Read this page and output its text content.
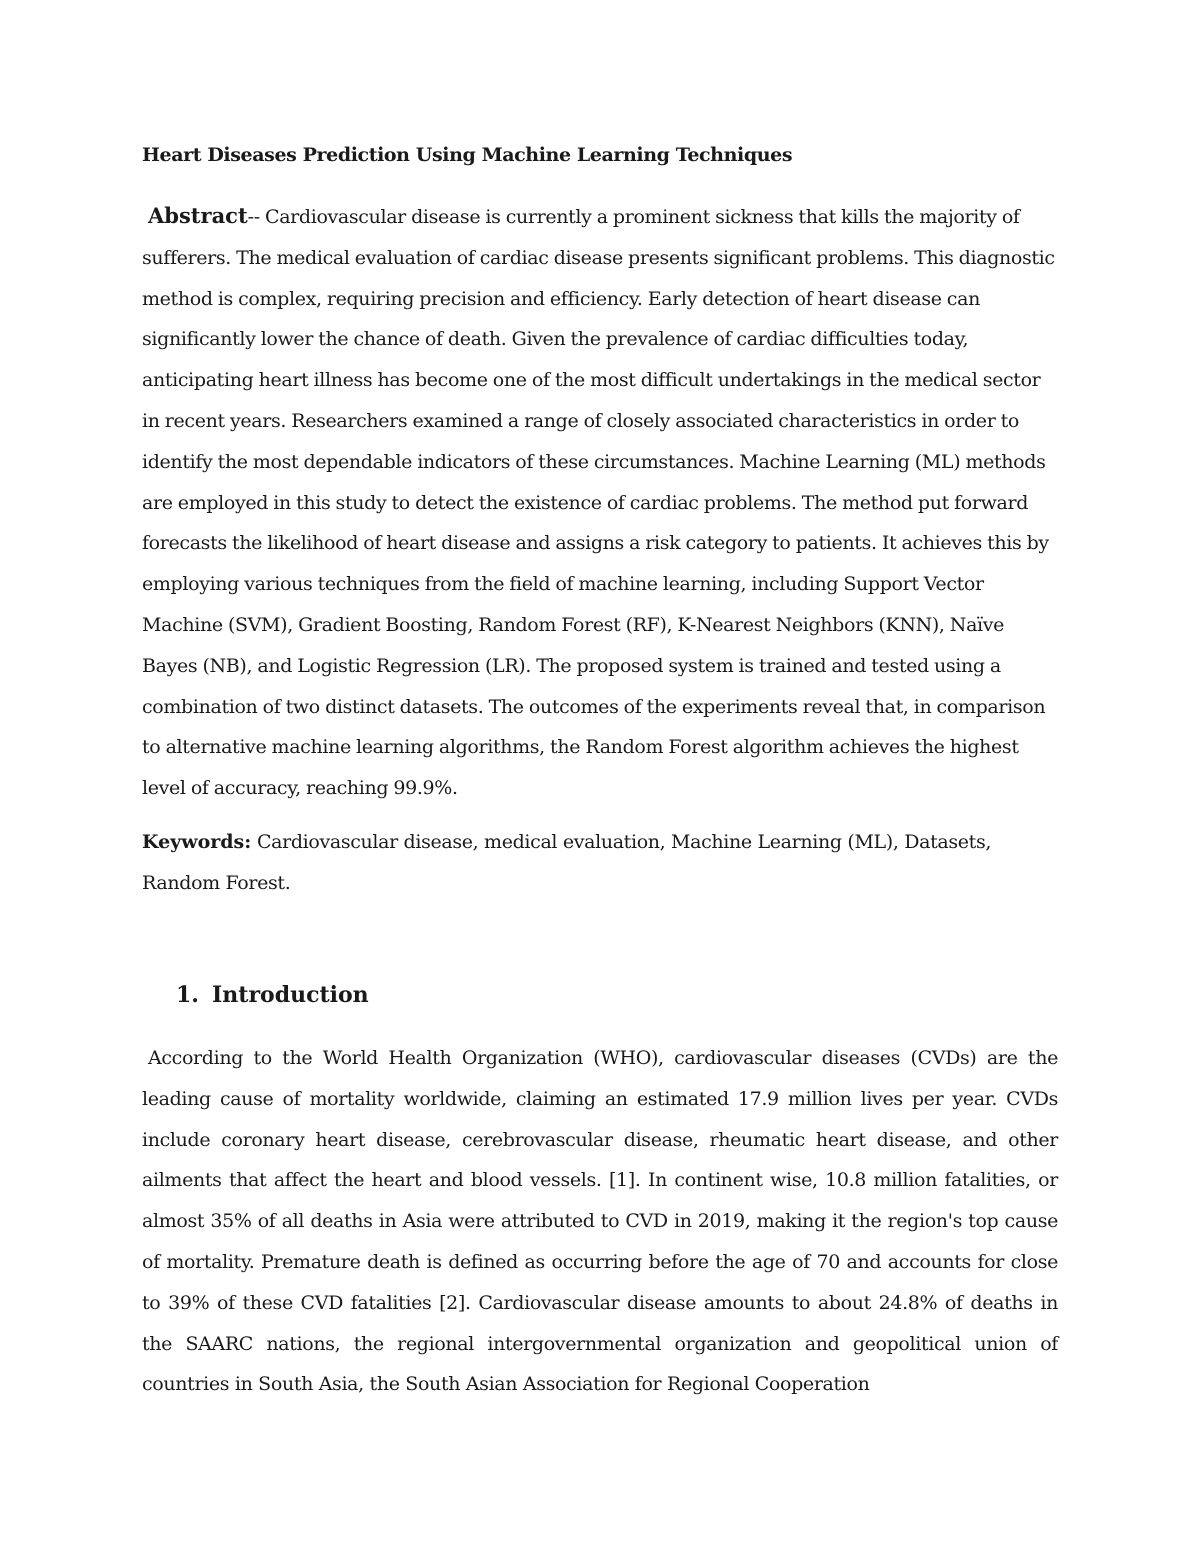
Heart Diseases Prediction Using Machine Learning Techniques

Abstract-- Cardiovascular disease is currently a prominent sickness that kills the majority of sufferers. The medical evaluation of cardiac disease presents significant problems. This diagnostic method is complex, requiring precision and efficiency. Early detection of heart disease can significantly lower the chance of death. Given the prevalence of cardiac difficulties today, anticipating heart illness has become one of the most difficult undertakings in the medical sector in recent years. Researchers examined a range of closely associated characteristics in order to identify the most dependable indicators of these circumstances. Machine Learning (ML) methods are employed in this study to detect the existence of cardiac problems. The method put forward forecasts the likelihood of heart disease and assigns a risk category to patients. It achieves this by employing various techniques from the field of machine learning, including Support Vector Machine (SVM), Gradient Boosting, Random Forest (RF), K-Nearest Neighbors (KNN), Naïve Bayes (NB), and Logistic Regression (LR). The proposed system is trained and tested using a combination of two distinct datasets. The outcomes of the experiments reveal that, in comparison to alternative machine learning algorithms, the Random Forest algorithm achieves the highest level of accuracy, reaching 99.9%.

Keywords: Cardiovascular disease, medical evaluation, Machine Learning (ML), Datasets, Random Forest.

1. Introduction

According to the World Health Organization (WHO), cardiovascular diseases (CVDs) are the leading cause of mortality worldwide, claiming an estimated 17.9 million lives per year. CVDs include coronary heart disease, cerebrovascular disease, rheumatic heart disease, and other ailments that affect the heart and blood vessels. [1]. In continent wise, 10.8 million fatalities, or almost 35% of all deaths in Asia were attributed to CVD in 2019, making it the region's top cause of mortality. Premature death is defined as occurring before the age of 70 and accounts for close to 39% of these CVD fatalities [2]. Cardiovascular disease amounts to about 24.8% of deaths in the SAARC nations, the regional intergovernmental organization and geopolitical union of countries in South Asia, the South Asian Association for Regional Cooperation
